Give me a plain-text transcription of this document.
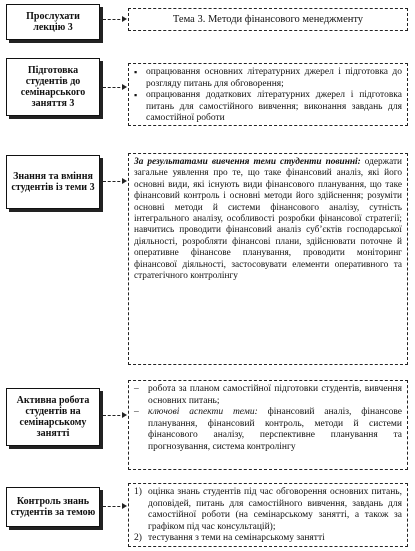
Прослухати лекцію 3
Тема 3. Методи фінансового менеджменту
Підготовка студентів до семінарського заняття 3
▪ опрацювання основних літературних джерел і підготовка до розгляду питань для обговорення;
▪ опрацювання додаткових літературних джерел і підготовка питань для самостійного вивчення; виконання завдань для самостійної роботи
Знання та вміння студентів із теми 3
За результатами вивчення теми студенти повинні: одержати загальне уявлення про те, що таке фінансовий аналіз, які його основні види, які існують види фінансового планування, що таке фінансовий контроль і основні методи його здійснення; розуміти основні методи й системи фінансового аналізу, сутність інтегрального аналізу, особливості розробки фінансової стратегії; навчитись проводити фінансовий аналіз суб’єктів господарської діяльності, розробляти фінансові плани, здійснювати поточне й оперативне фінансове планування, проводити моніторинг фінансової діяльності, застосовувати елементи оперативного та стратегічного контролінгу
Активна робота студентів на семінарському занятті
– робота за планом самостійної підготовки студентів, вивчення основних питань;
– ключові аспекти теми: фінансовий аналіз, фінансове планування, фінансовий контроль, методи й системи фінансового аналізу, перспективне планування та прогнозування, система контролінгу
Контроль знань студентів за темою
1) оцінка знань студентів під час обговорення основних питань, доповідей, питань для самостійного вивчення, завдань для самостійної роботи (на семінарському занятті, а також за графіком під час консультацій);
2) тестування з теми на семінарському занятті
